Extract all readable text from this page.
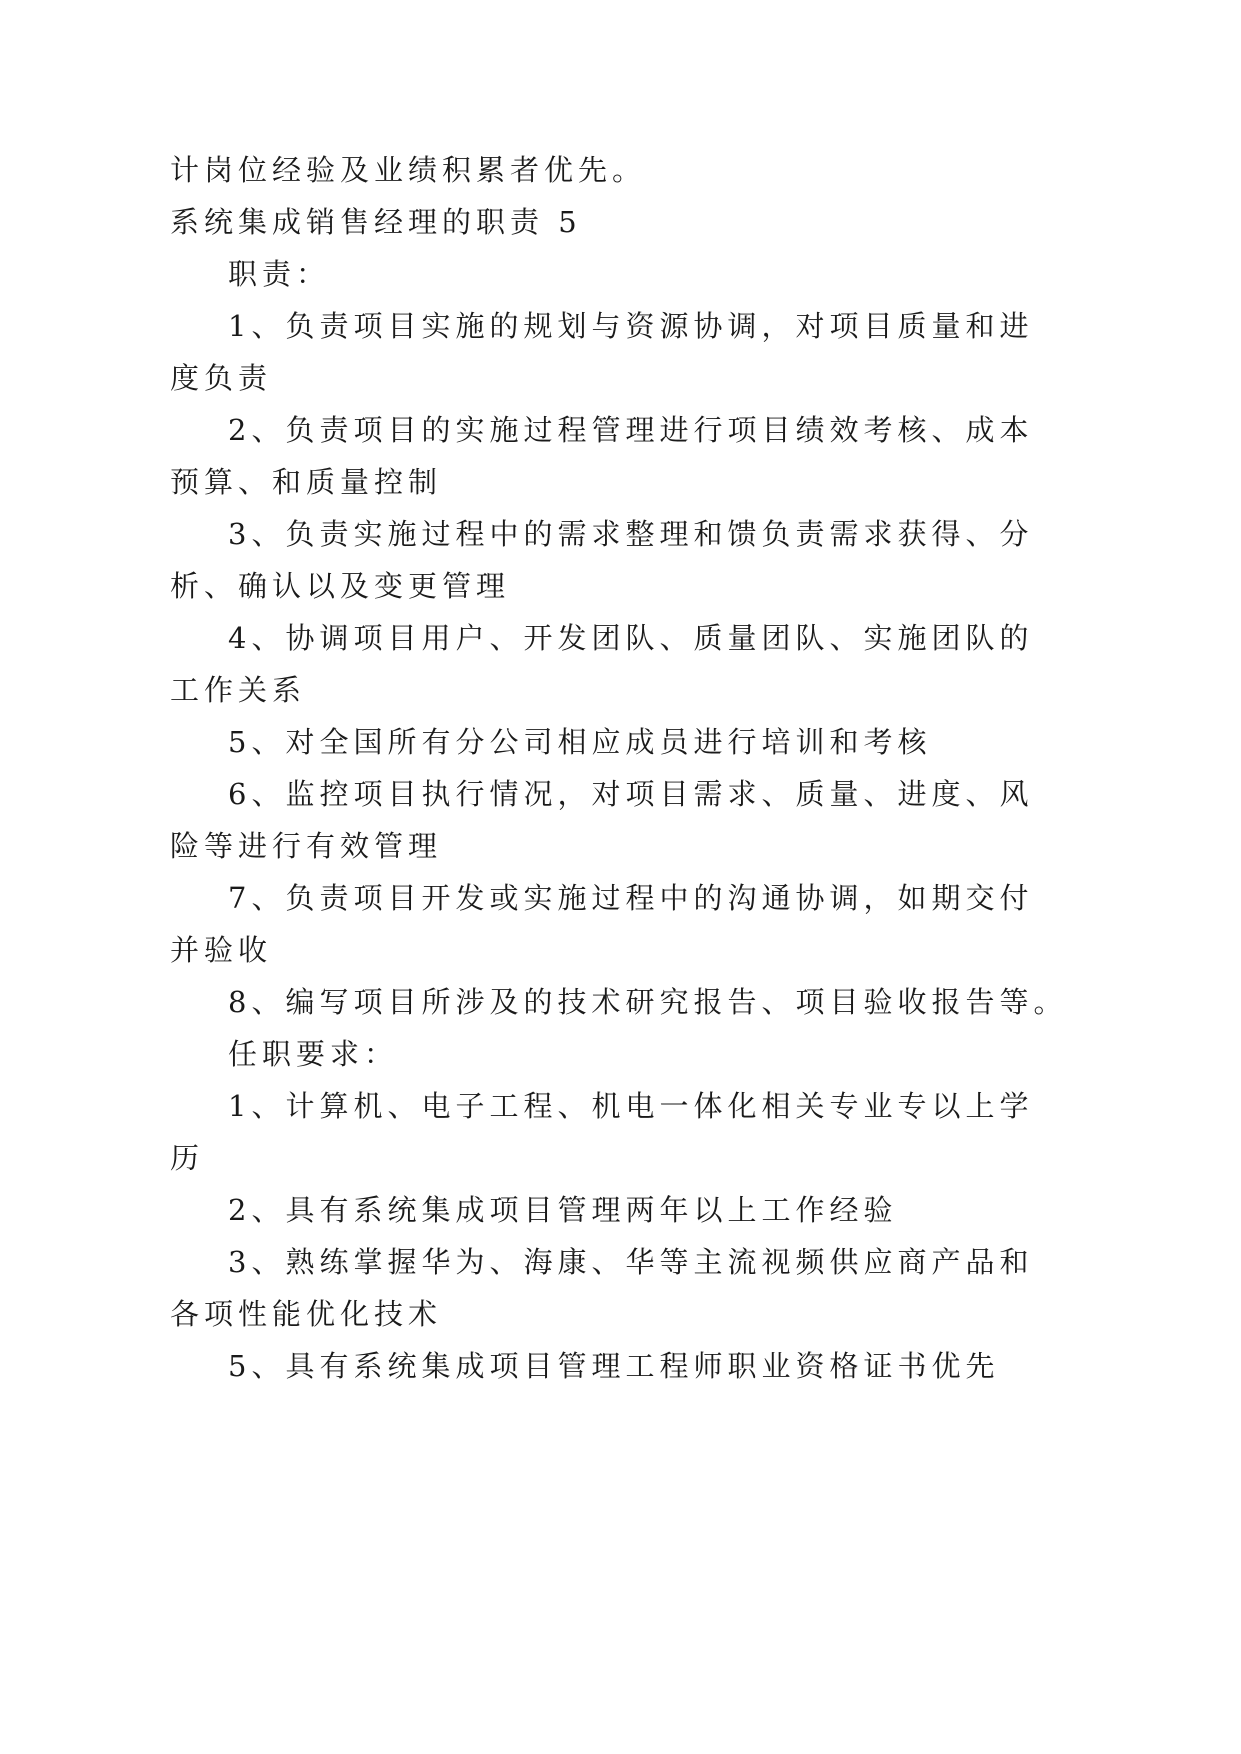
计岗位经验及业绩积累者优先。
系统集成销售经理的职责 5
职责：
1、负责项目实施的规划与资源协调，对项目质量和进
度负责
2、负责项目的实施过程管理进行项目绩效考核、成本
预算、和质量控制
3、负责实施过程中的需求整理和馈负责需求获得、分
析、确认以及变更管理
4、协调项目用户、开发团队、质量团队、实施团队的
工作关系
5、对全国所有分公司相应成员进行培训和考核
6、监控项目执行情况，对项目需求、质量、进度、风
险等进行有效管理
7、负责项目开发或实施过程中的沟通协调，如期交付
并验收
8、编写项目所涉及的技术研究报告、项目验收报告等。
任职要求：
1、计算机、电子工程、机电一体化相关专业专以上学
历
2、具有系统集成项目管理两年以上工作经验
3、熟练掌握华为、海康、华等主流视频供应商产品和
各项性能优化技术
5、具有系统集成项目管理工程师职业资格证书优先
